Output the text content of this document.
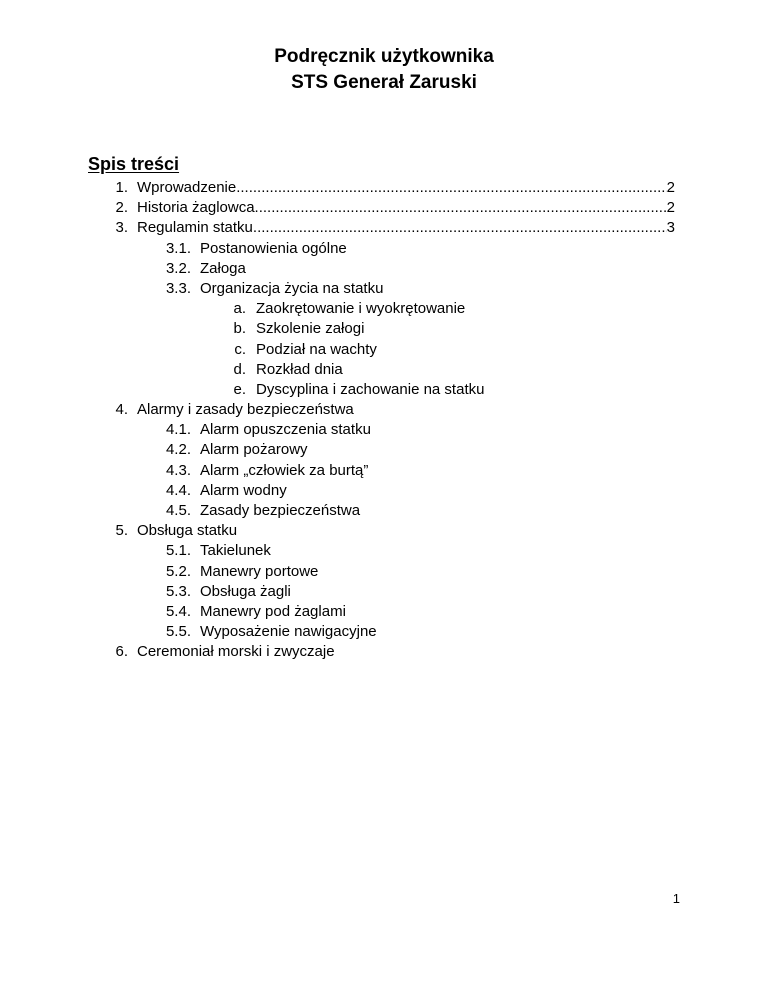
Podręcznik użytkownika
STS Generał Zaruski
Spis treści
1. Wprowadzenie .....	2
2. Historia żaglowca .....	2
3. Regulamin statku .....	3
3.1. Postanowienia ogólne
3.2. Załoga
3.3. Organizacja życia na statku
a. Zaokrętowanie i wyokrętowanie
b. Szkolenie załogi
c. Podział na wachty
d. Rozkład dnia
e. Dyscyplina i zachowanie na statku
4. Alarmy i zasady bezpieczeństwa
4.1. Alarm opuszczenia statku
4.2. Alarm pożarowy
4.3. Alarm „człowiek za burtą”
4.4. Alarm wodny
4.5. Zasady bezpieczeństwa
5. Obsługa statku
5.1. Takielunek
5.2. Manewry portowe
5.3. Obsługa żagli
5.4. Manewry pod żaglami
5.5. Wyposażenie nawigacyjne
6. Ceremoniał morski i zwyczaje
1
